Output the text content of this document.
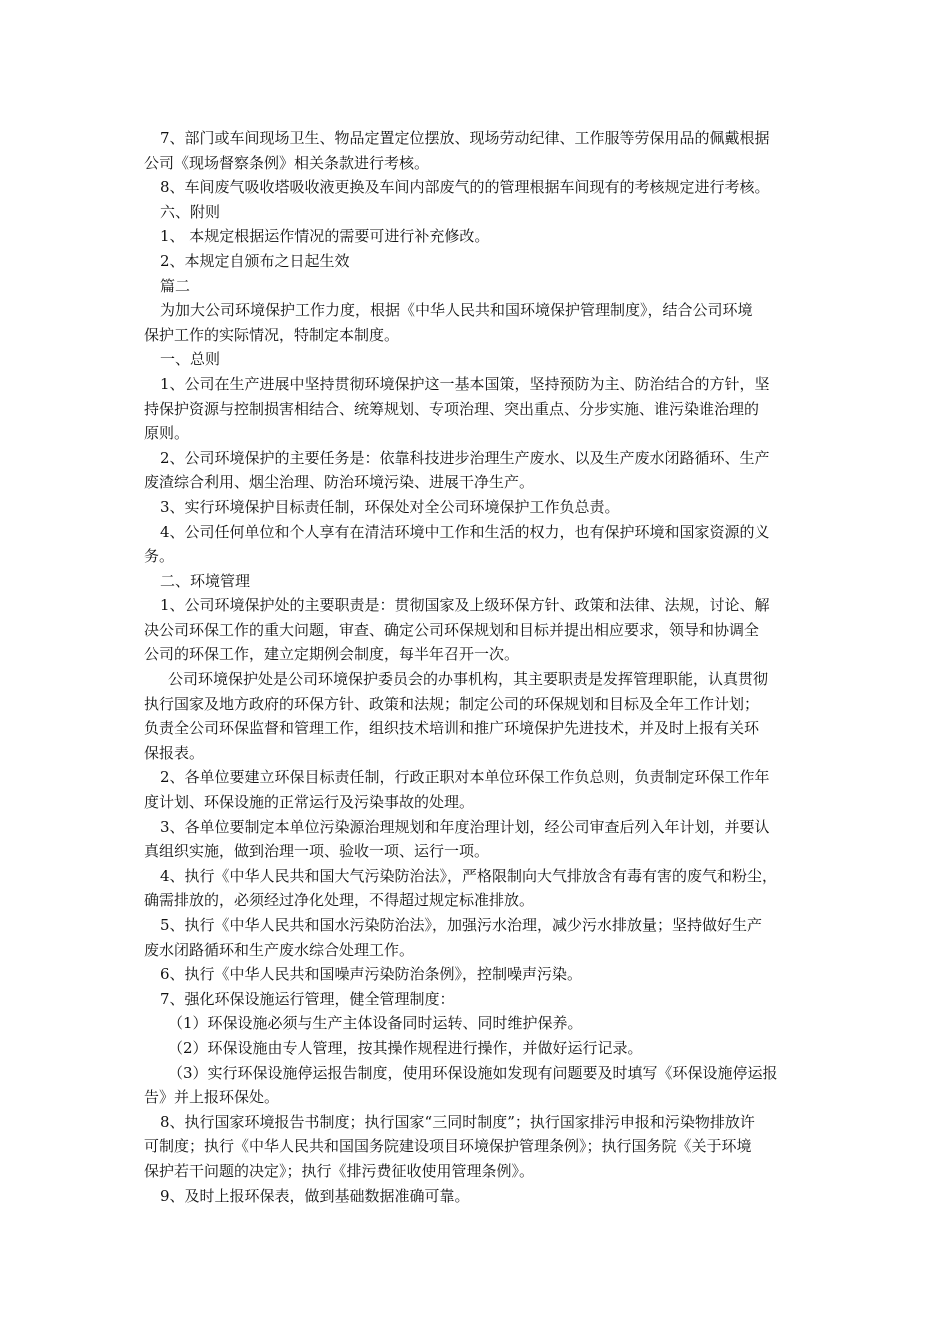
7、部门或车间现场卫生、物品定置定位摆放、现场劳动纪律、工作服等劳保用品的佩戴根据

公司《现场督察条例》相关条款进行考核。

8、车间废气吸收塔吸收液更换及车间内部废气的的管理根据车间现有的考核规定进行考核。

六、附则

1、 本规定根据运作情况的需要可进行补充修改。

2、本规定自颁布之日起生效

篇二

为加大公司环境保护工作力度，根据《中华人民共和国环境保护管理制度》，结合公司环境

保护工作的实际情况，特制定本制度。

一、总则

1、公司在生产进展中坚持贯彻环境保护这一基本国策，坚持预防为主、防治结合的方针，坚

持保护资源与控制损害相结合、统筹规划、专项治理、突出重点、分步实施、谁污染谁治理的

原则。

2、公司环境保护的主要任务是：依靠科技进步治理生产废水、以及生产废水闭路循环、生产

废渣综合利用、烟尘治理、防治环境污染、进展干净生产。

3、实行环境保护目标责任制，环保处对全公司环境保护工作负总责。

4、公司任何单位和个人享有在清洁环境中工作和生活的权力，也有保护环境和国家资源的义

务。

二、环境管理

1、公司环境保护处的主要职责是：贯彻国家及上级环保方针、政策和法律、法规，讨论、解

决公司环保工作的重大问题，审查、确定公司环保规划和目标并提出相应要求，领导和协调全

公司的环保工作，建立定期例会制度，每半年召开一次。

公司环境保护处是公司环境保护委员会的办事机构，其主要职责是发挥管理职能，认真贯彻

执行国家及地方政府的环保方针、政策和法规；制定公司的环保规划和目标及全年工作计划；

负责全公司环保监督和管理工作，组织技术培训和推广环境保护先进技术，并及时上报有关环

保报表。

2、各单位要建立环保目标责任制，行政正职对本单位环保工作负总则，负责制定环保工作年

度计划、环保设施的正常运行及污染事故的处理。

3、各单位要制定本单位污染源治理规划和年度治理计划，经公司审查后列入年计划，并要认

真组织实施，做到治理一项、验收一项、运行一项。

4、执行《中华人民共和国大气污染防治法》，严格限制向大气排放含有毒有害的废气和粉尘，

确需排放的，必须经过净化处理，不得超过规定标准排放。

5、执行《中华人民共和国水污染防治法》，加强污水治理，减少污水排放量；坚持做好生产

废水闭路循环和生产废水综合处理工作。

6、执行《中华人民共和国噪声污染防治条例》，控制噪声污染。

7、强化环保设施运行管理，健全管理制度：

（1）环保设施必须与生产主体设备同时运转、同时维护保养。

（2）环保设施由专人管理，按其操作规程进行操作，并做好运行记录。

（3）实行环保设施停运报告制度，使用环保设施如发现有问题要及时填写《环保设施停运报

告》并上报环保处。

8、执行国家环境报告书制度；执行国家“三同时制度”；执行国家排污申报和污染物排放许

可制度；执行《中华人民共和国国务院建设项目环境保护管理条例》；执行国务院《关于环境

保护若干问题的决定》；执行《排污费征收使用管理条例》。

9、及时上报环保表，做到基础数据准确可靠。
